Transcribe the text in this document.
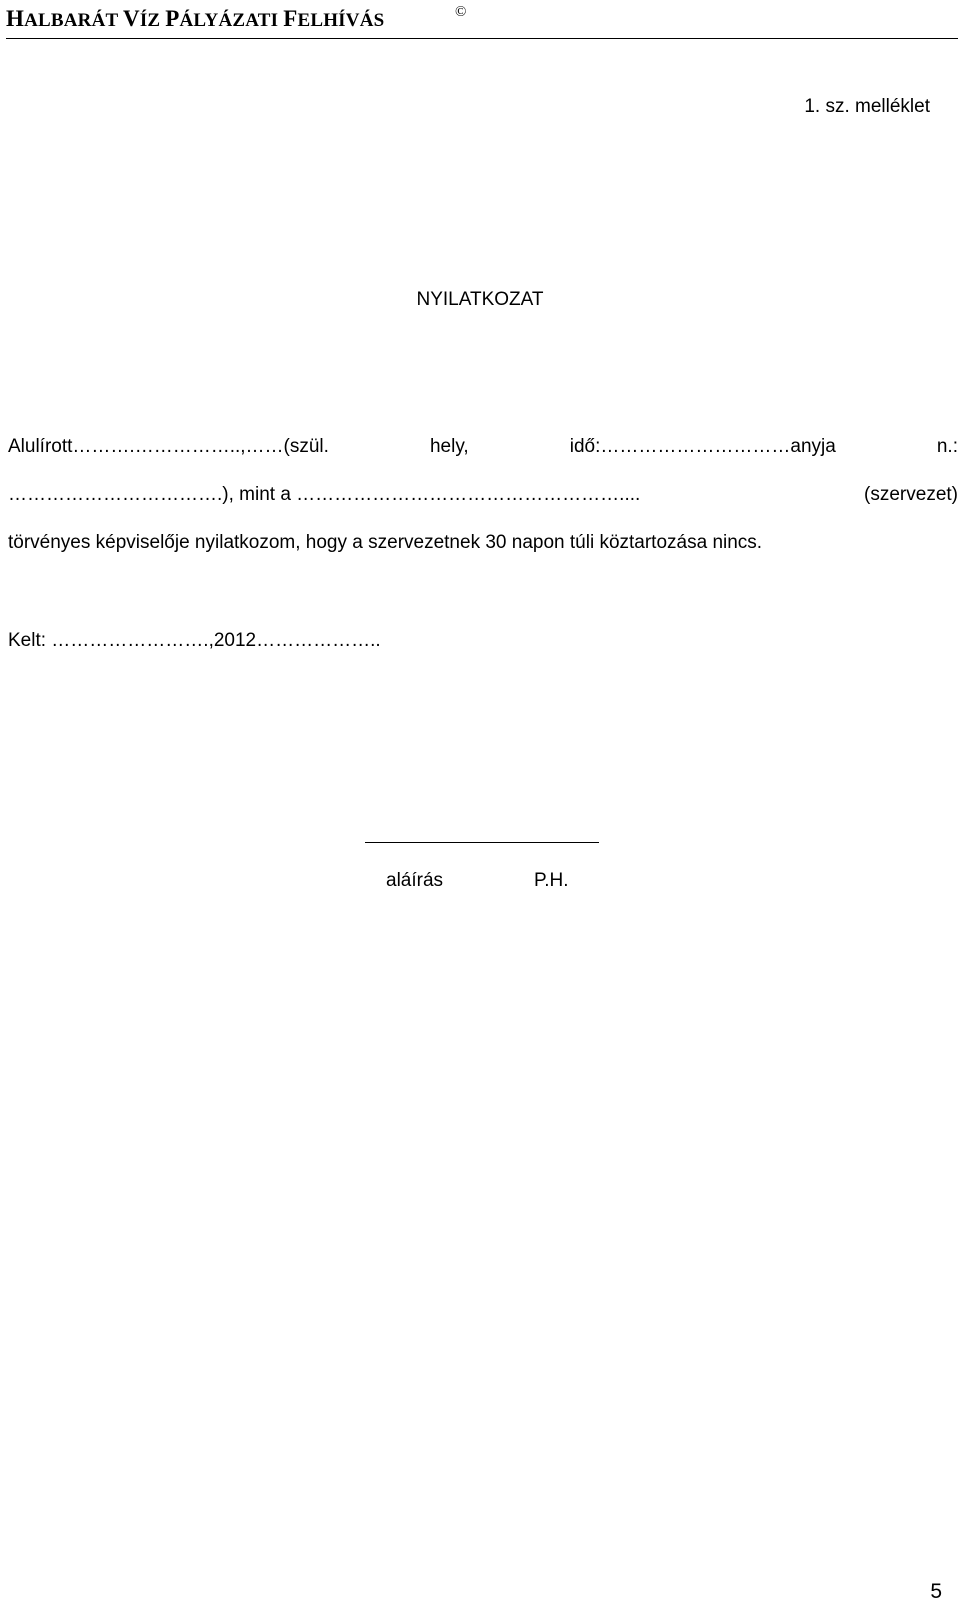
HALBARÁT VÍZ PÁLYÁZATI FELHÍVÁS	©
1. sz. melléklet
NYILATKOZAT
Alulírott……….……………..,……(szül.	hely,	idő:…………………………anyja	n.:
…………………………….), mint a ……………………………………………....	(szervezet)
törvényes képviselője nyilatkozom, hogy a szervezetnek 30 napon túli köztartozása nincs.
Kelt: …………………….,2012………………..
aláírás	P.H.
5
